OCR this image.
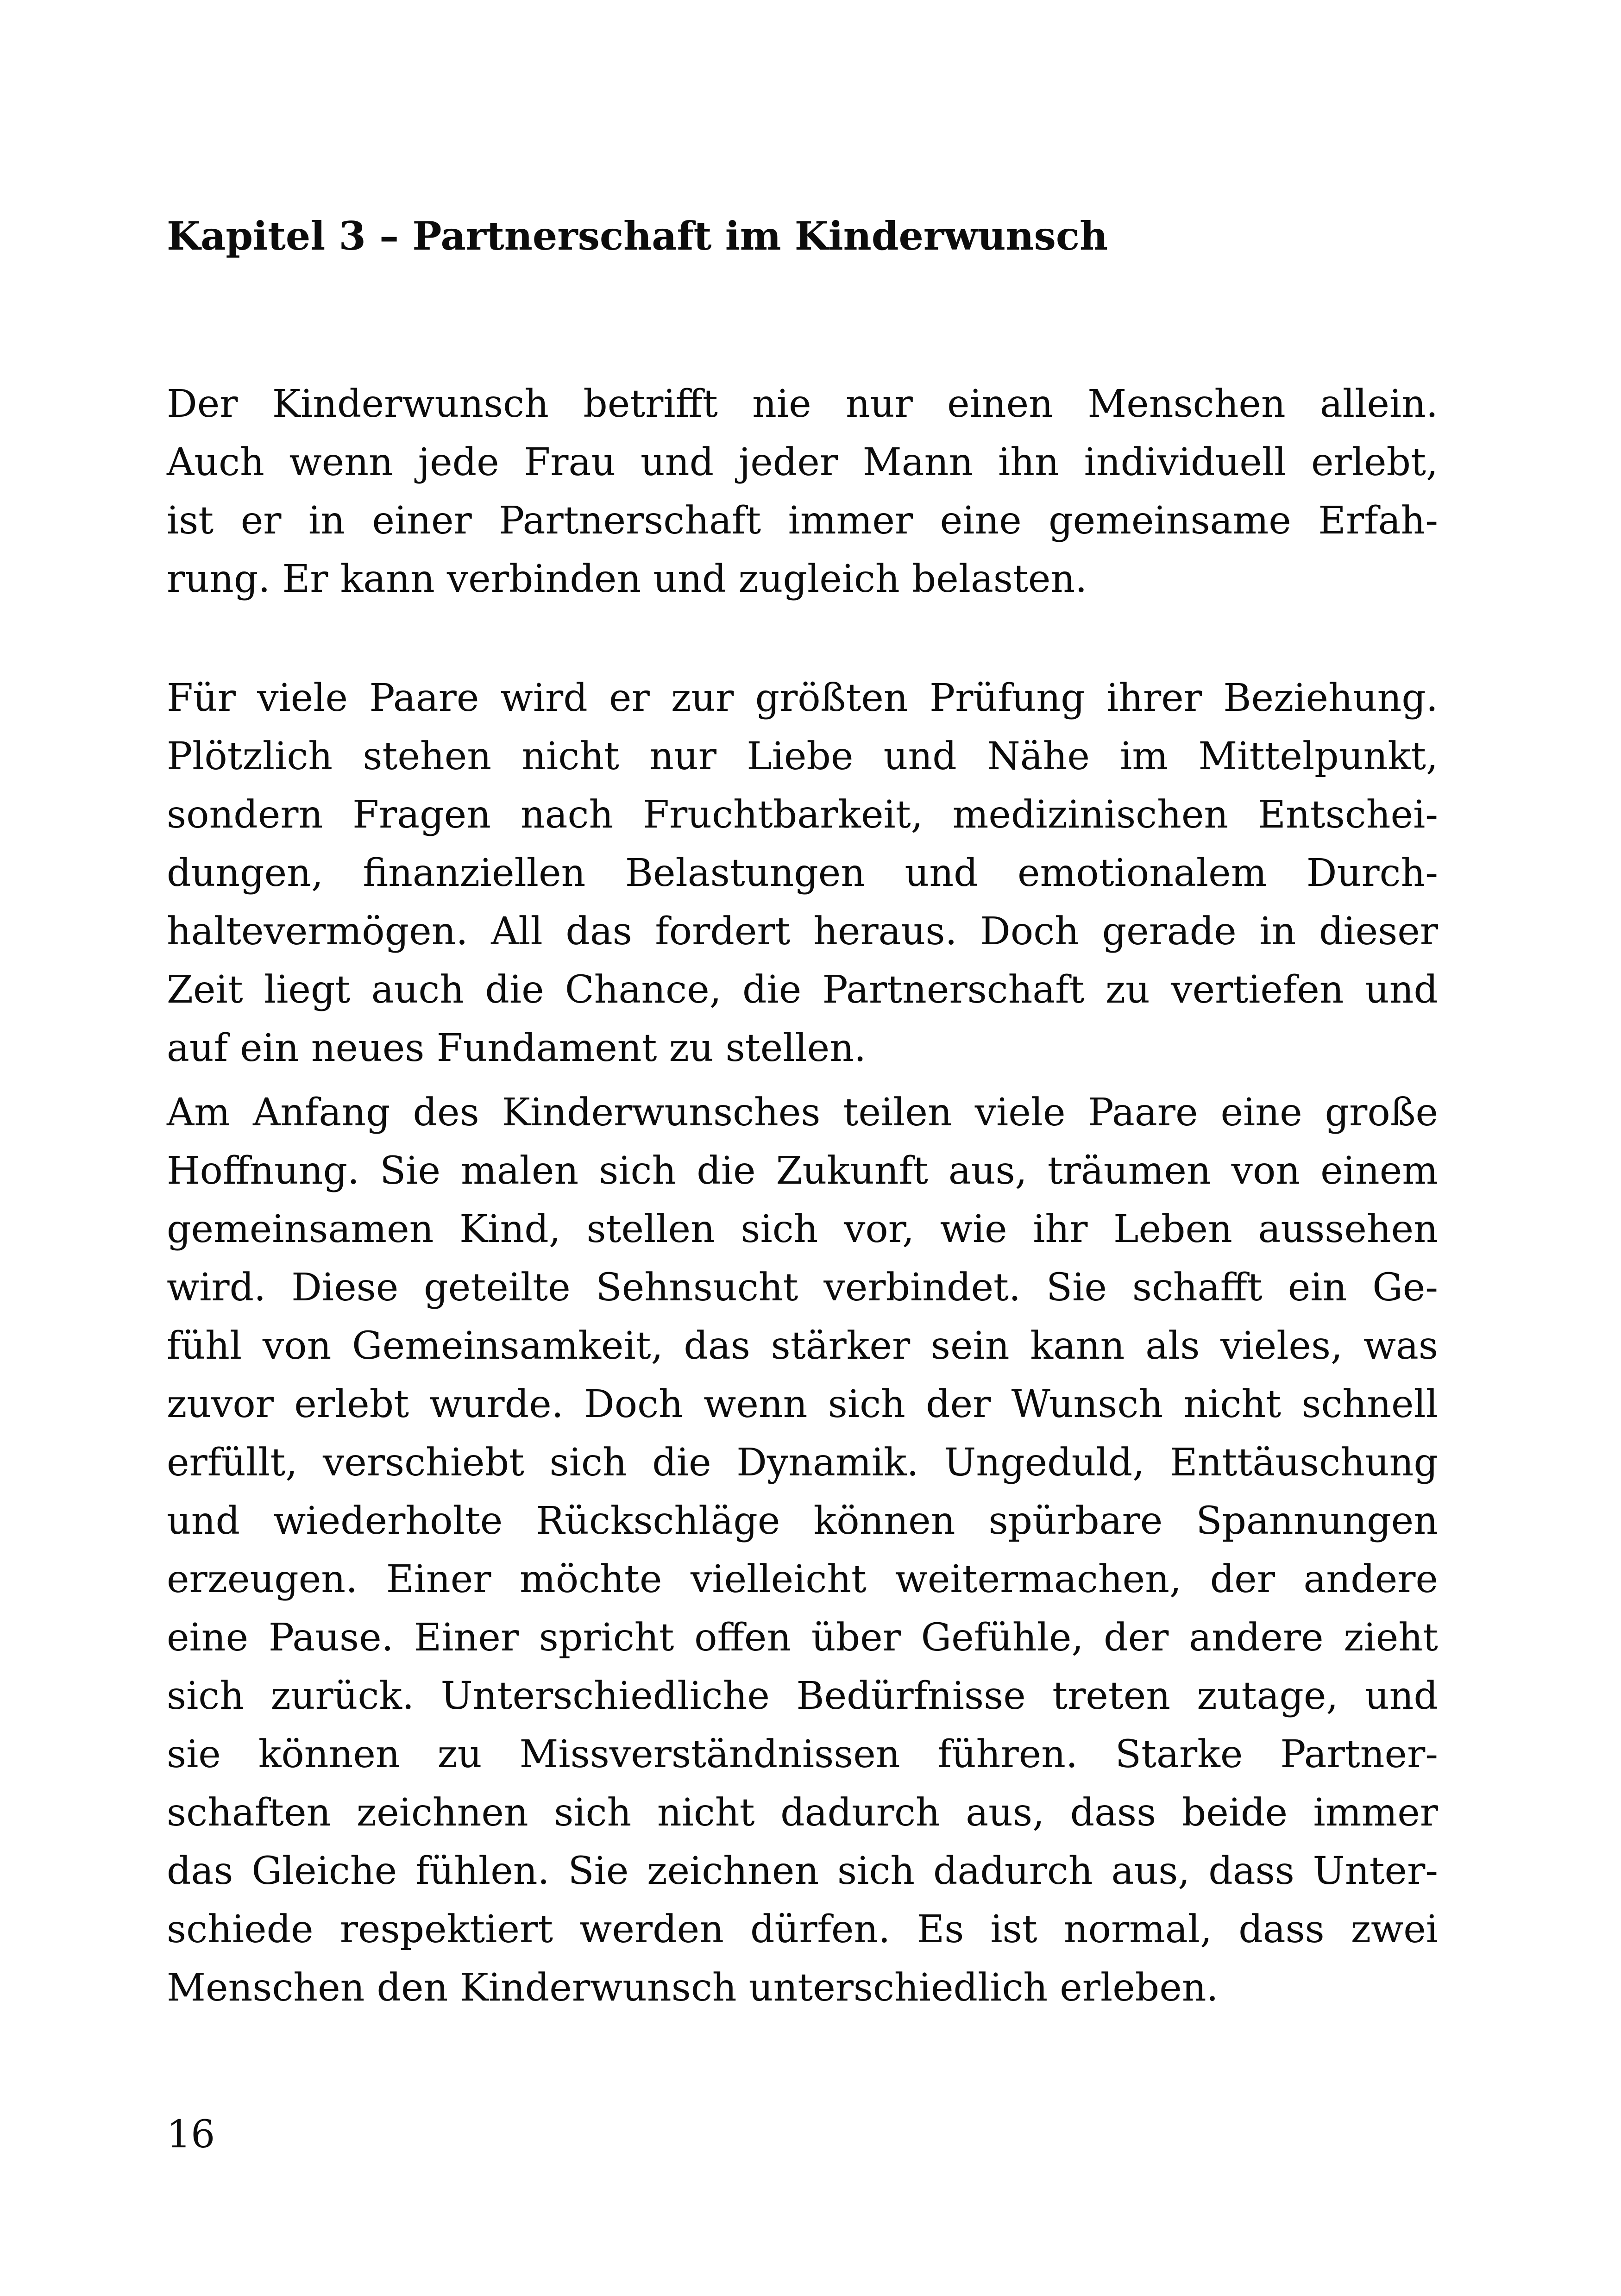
Kapitel 3 – Partnerschaft im Kinderwunsch

Der Kinderwunsch betrifft nie nur einen Menschen allein.
Auch wenn jede Frau und jeder Mann ihn individuell erlebt,
ist er in einer Partnerschaft immer eine gemeinsame Erfah-
rung. Er kann verbinden und zugleich belasten.

Für viele Paare wird er zur größten Prüfung ihrer Beziehung.
Plötzlich stehen nicht nur Liebe und Nähe im Mittelpunkt,
sondern Fragen nach Fruchtbarkeit, medizinischen Entschei-
dungen, finanziellen Belastungen und emotionalem Durch-
haltevermögen. All das fordert heraus. Doch gerade in dieser
Zeit liegt auch die Chance, die Partnerschaft zu vertiefen und
auf ein neues Fundament zu stellen.

Am Anfang des Kinderwunsches teilen viele Paare eine große
Hoffnung. Sie malen sich die Zukunft aus, träumen von einem
gemeinsamen Kind, stellen sich vor, wie ihr Leben aussehen
wird. Diese geteilte Sehnsucht verbindet. Sie schafft ein Ge-
fühl von Gemeinsamkeit, das stärker sein kann als vieles, was
zuvor erlebt wurde. Doch wenn sich der Wunsch nicht schnell
erfüllt, verschiebt sich die Dynamik. Ungeduld, Enttäuschung
und wiederholte Rückschläge können spürbare Spannungen
erzeugen. Einer möchte vielleicht weitermachen, der andere
eine Pause. Einer spricht offen über Gefühle, der andere zieht
sich zurück. Unterschiedliche Bedürfnisse treten zutage, und
sie können zu Missverständnissen führen. Starke Partner-
schaften zeichnen sich nicht dadurch aus, dass beide immer
das Gleiche fühlen. Sie zeichnen sich dadurch aus, dass Unter-
schiede respektiert werden dürfen. Es ist normal, dass zwei
Menschen den Kinderwunsch unterschiedlich erleben.

16
